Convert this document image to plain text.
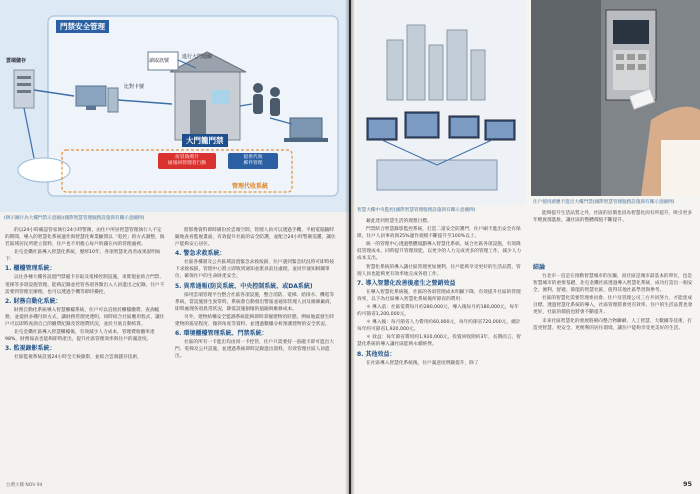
門禁安全管理
雲端儲存	讀取訊號
比對卡號
進行大門通關
大門籠門禁
仿冒偽照片
通報回管理者行動
提供代收
郵件管理
管理代收系統
(例示圖片為大樓門禁示意圖)(國際智慧管理服務設施與有關示意圖例)

的以24小時確認管家執行24小時警衛，由住戶所居智慧管理執行人不定的期間，導入的智慧化系統運作與智慧化專業顧問以「電控」的方式調整，倘若區域居民所建立資料，住戶也不用擔心每戶的錢在內的管理處裡。

北屯金鑽社區導入智慧化系統，歷經10年，各項智慧化改善成果說明如下：

1. 櫃檯管理系統：

以往各棟大樓各設置門禁磁卡存取及電梯控制設施，來實現並結合門禁、電梯等多項設施管理，能夠記錄並控管各項各類出入人員進出之紀錄，住戶不需要到管理室辦理，也可以透過手機等即時操控。

2. 財務自動化系統：

財務自動化系統導入智慧櫃檯系統，住戶可以直接於櫃檯繳費、查詢帳務，並提供多種付款方式，讓財務管理更透明，同時結合社區應用程式，讓住戶可以即時查詢自己的繳費紀錄及管理費狀況，並於月底自動結算。

北屯金鑽社區導入智慧櫃檯後，有效減少人力成本，管理費收繳率達98%，財務報表也能夠即時產出，提升社區管理效率與住戶的滿意度。

3. 監視錄影系統：

社區監視系統設置24小時全天候錄影，並結合雲端儲存技術，

將影像資料即時備份於雲端空間，管理人員可以透過手機、平板電腦隨時隨地查看監視畫面，有效提升社區的安全防護，並配合24小時警衛巡邏，讓住戶能夠安心居住。

4. 警急求救系統：

社區各樓層及公共區域設置緊急求救按鈕，住戶遇到緊急狀況時可即時按下求救按鈕，管理中心將立即收到通知並派員前往處理，並同步通知相關單位，確保住戶的生命財產安全。

5. 異常通報(防災系統、中央控制系統、或DA系統)

採用雲端管理平台整合社區各項設施，整合消防、電梯、給排水、機電等系統，當設施發生異常時，系統會自動發出警報並通知管理人員及維修廠商，即時處理各項異常狀況，降低設施損壞的風險與維修成本。

另外，建物結構安全監測系統能夠即時掌握建物的狀態，例如地震發生時建物的搖晃程度、傾斜角度等資料，並透過數據分析預測建物的安全狀況。

6. 環境櫃檯管理系統、門禁系統：

社區的所有一卡進出均由同一卡控管，住戶只需要持一張磁卡即可進出大門、電梯及公共設施，並透過系統即時記錄進出資料，有效管理社區人員進出。

台灣大樓 NOV 94
智慧大樓中央監控(國際智慧管理服務設施與有關示意圖例)
住戶使用感應卡進出大樓門禁(國際智慧管理服務設施與有關示意圖例)

藉此達到智慧生活的理想目標。

門禁結合智慧錄影監控系統，打造二道安全防護門，住戶刷卡進出安全有保障，住戶人員事故與25%運作規模不斷提升至100%以上。

統一的管理中心透過整體規劃導入智慧化系統，統合社區各項設施，有效降低管理成本，同時提升管理效能，以更少的人力完成更多的管理工作，減少人力成本支出。

智慧化系統的導入讓社區管理更加便利，住戶能夠享受更好的生活品質，管理人員也能夠更有效率地完成各項工作。

7. 導入智慧化改善後產生之營銷效益

在導入智慧化系統後，社區的各項管理成本明顯下降，有效提升社區的管理效率，以下為社區導入智慧化系統後所節省的費用：

＊ 導入前：社區電費每月約280,000元，導入後每月約180,000元，每年約可節省1,200,000元。

＊ 導入後：每月節省人力費用約60,000元，每年約節省720,000元，總計每年約可節省1,920,000元。

＊ 效益：每年節省費用約1,920,000元，投資回收期約3年，長期而言，智慧化系統的導入讓社區能夠永續經營。

8. 其他效益：

在社區導入智慧化系統後，住戶滿意度明顯提升，除了

能夠提升生活品質之外，社區的房價也因為智慧化而有所提升，吸引更多年輕族群進駐，讓社區的整體價值不斷提升。

結論

台北市一直是在推動智慧城市的先驅，而社區是城市最基本的單位，也是智慧城市的重要基礎，北屯金鑽社區透過導入智慧化系統，成功打造出一個安全、便利、舒適、節能的智慧社區，值得其他社區學習與參考。

社區的智慧化需要管理委員會、住戶及管理公司三方共同努力，才能達成目標，透過智慧化系統的導入，社區管理將會更有效率，住戶的生活品質也會更好，社區的價值也將會不斷提升。

未來社區智慧化的發展將朝向整合物聯網、人工智慧、大數據等技術，打造更智慧、更安全、更便利的居住環境，讓住戶能夠享受更美好的生活。

95
